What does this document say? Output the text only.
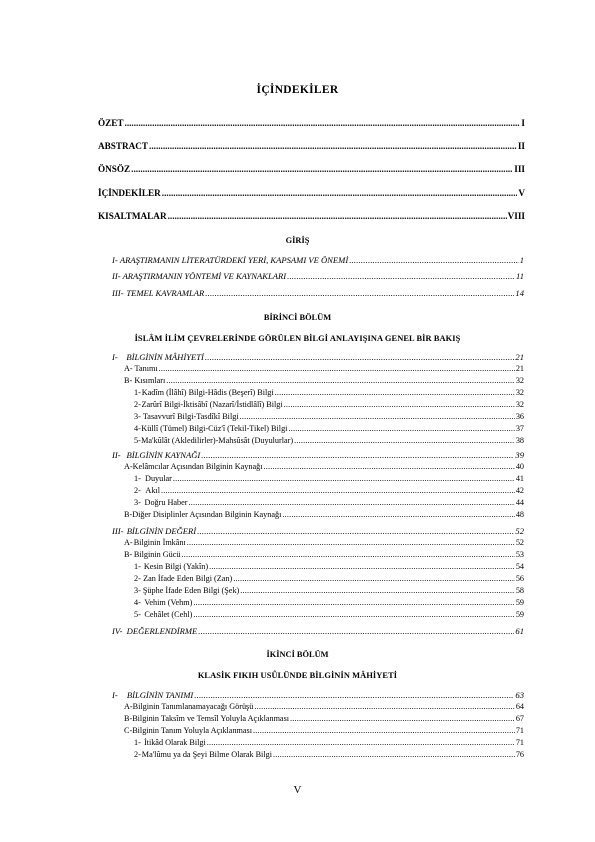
İÇİNDEKİLER
ÖZET .....	I
ABSTRACT .....	II
ÖNSÖZ .....	III
İÇİNDEKİLER .....	V
KISALTMALAR .....	VIII
GİRİŞ
I- ARAŞTIRMANIN LİTERATÜRDEKİ YERİ, KAPSAMI VE ÖNEMİ .....	1
II- ARAŞTIRMANIN YÖNTEMİ VE KAYNAKLARI .....	11
III- TEMEL KAVRAMLAR .....	14
BİRİNCİ BÖLÜM
İSLÂM İLİM ÇEVRELERİNDE GÖRÜLEN BİLGİ ANLAYIŞINA GENEL BİR BAKIŞ
I- BİLGİNİN MÂHİYETİ .....	21
A- Tanımı .....	21
B- Kısımları .....	32
1- Kadîm (İlâhî) Bilgi-Hâdis (Beşerî) Bilgi .....	32
2- Zarûrî Bilgi-İktisâbî (Nazarî/İstidlâlî) Bilgi .....	32
3- Tasavvurî Bilgi-Tasdîkî Bilgi .....	36
4- Küllî (Tümel) Bilgi-Cüz'î (Tekil-Tikel) Bilgi .....	37
5- Ma'kûlât (Akledilirler)-Mahsûsât (Duyulurlar) .....	38
II- BİLGİNİN KAYNAĞI .....	39
A- Kelâmcılar Açısından Bilginin Kaynağı .....	40
1- Duyular .....	41
2- Akıl .....	42
3- Doğru Haber .....	44
B- Diğer Disiplinler Açısından Bilginin Kaynağı .....	48
III- BİLGİNİN DEĞERİ .....	52
A- Bilginin İmkânı .....	52
B- Bilginin Gücü .....	53
1- Kesin Bilgi (Yakîn) .....	54
2- Zan İfade Eden Bilgi (Zan) .....	56
3- Şüphe İfade Eden Bilgi (Şek) .....	58
4- Vehim (Vehm) .....	59
5- Cehâlet (Cehl) .....	59
IV- DEĞERLENDİRME .....	61
İKİNCİ BÖLÜM
KLASİK FIKIH USÛLÜNDE BİLGİNİN MÂHİYETİ
I-	BİLGİNİN TANIMI .....	63
A- Bilginin Tanımlanamayacağı Görüşü .....	64
B- Bilginin Taksîm ve Temsîl Yoluyla Açıklanması .....	67
C- Bilginin Tanım Yoluyla Açıklanması .....	71
1- İtikâd Olarak Bilgi .....	71
2- Ma'lûmu ya da Şeyi Bilme Olarak Bilgi .....	76
V
